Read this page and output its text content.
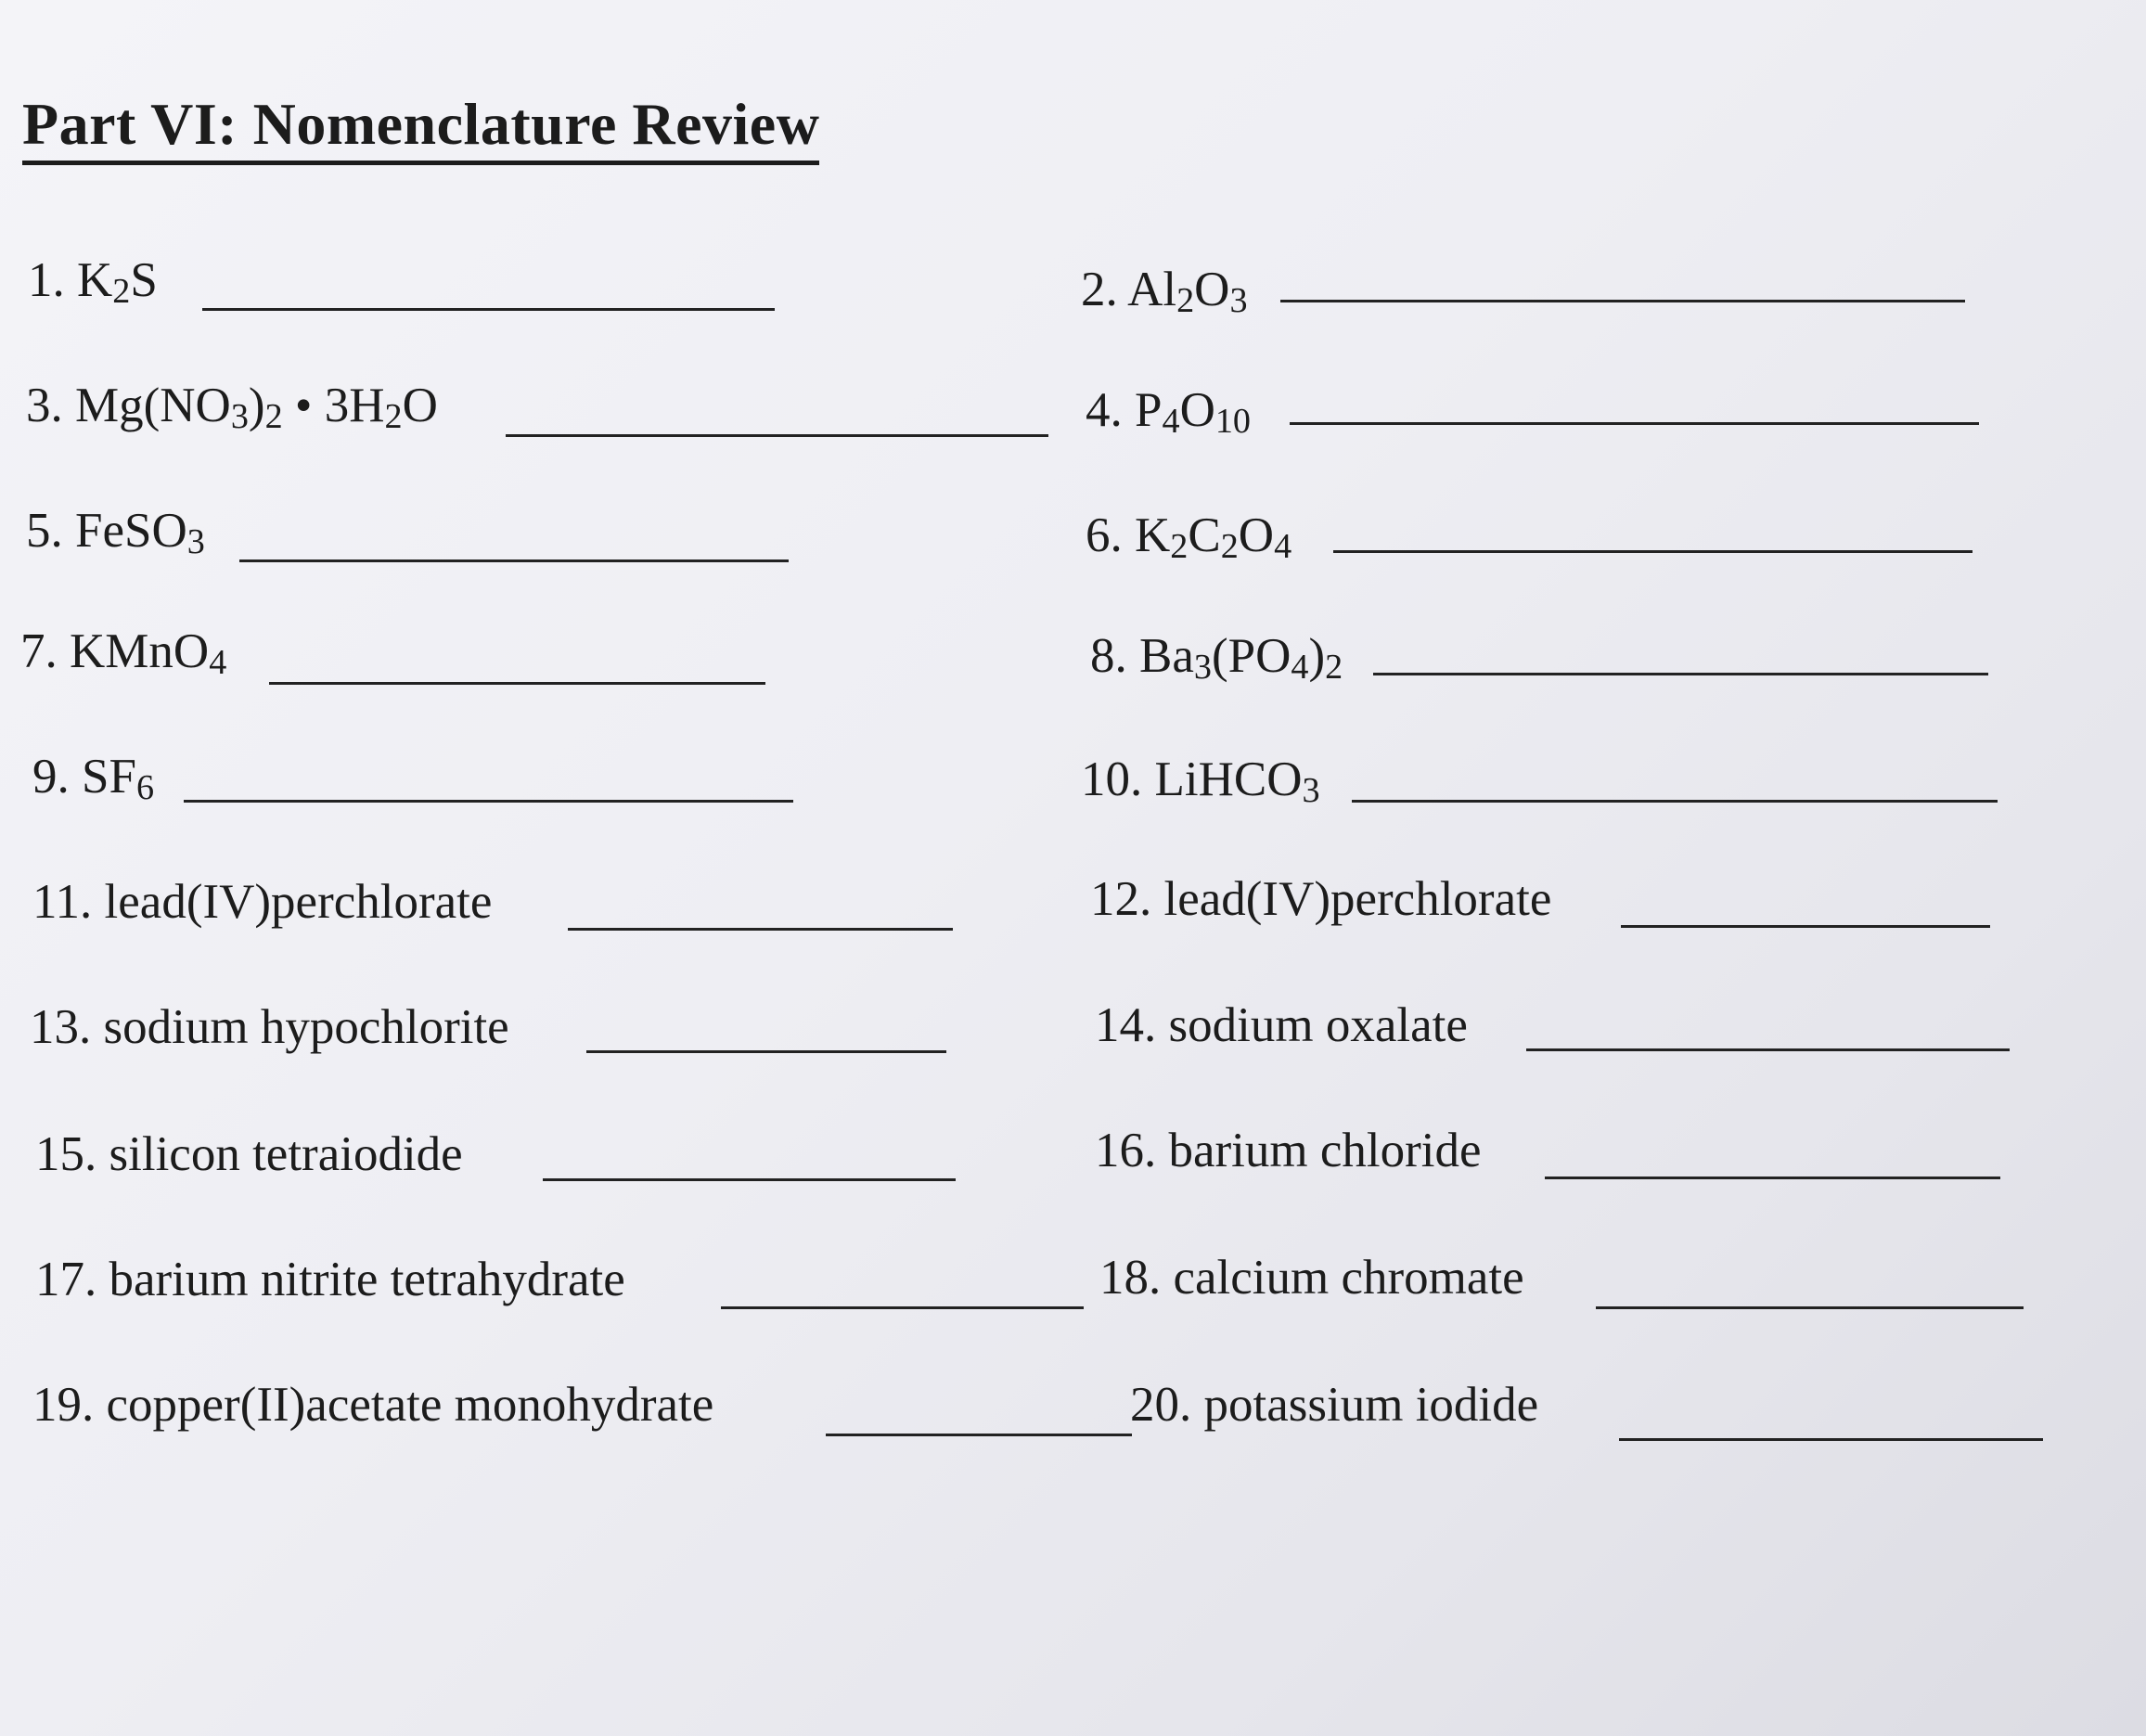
Part VI: Nomenclature Review
1. $K_2S$	2. $Al_2O_3$
3. $Mg(NO_3)_2$ • $3H_2O$	4. $P_4O_{10}$
5. FeSO$_3$	6. $K_2C_2O_4$
7. KMnO$_4$	8. $Ba_3(PO_4)_2$
9. $SF_6$	10. LiHCO$_3$
11. lead(IV)perchlorate	12. lead(IV)perchlorate
13. sodium hypochlorite	14. sodium oxalate
15. silicon tetraiodide	16. barium chloride
17. barium nitrite tetrahydrate	18. calcium chromate
19. copper(II)acetate monohydrate	20. potassium iodide
